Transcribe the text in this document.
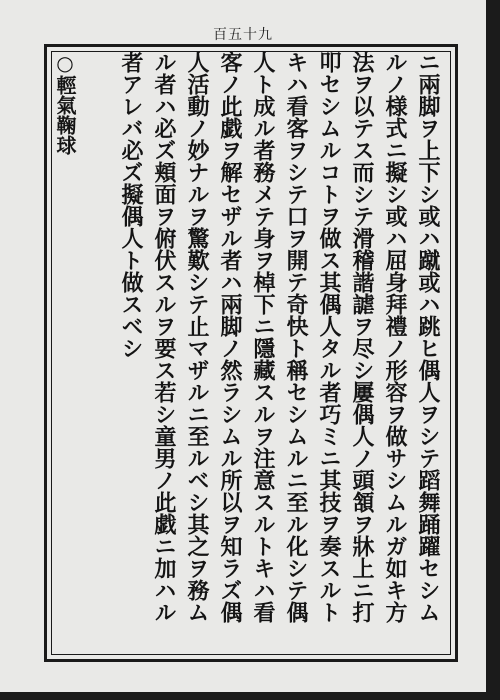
百五十九
ニ兩脚ヲ上下シ或ハ蹴或ハ跳ヒ偶人ヲシテ蹈舞踊躍セシム
ルノ様式ニ擬シ或ハ屈身拜禮ノ形容ヲ做サシムルガ如キ方
法ヲ以テス而シテ滑稽諧謔ヲ尽シ屢偶人ノ頭頷ヲ牀上ニ打
叩セシムルコトヲ做ス其偶人タル者巧ミニ其技ヲ奏スルト
キハ看客ヲシテ口ヲ開テ奇快ト稱セシムルニ至ル化シテ偶
人ト成ル者務メテ身ヲ棹下ニ隱藏スルヲ注意スルトキハ看
客ノ此戯ヲ解セザル者ハ兩脚ノ然ラシムル所以ヲ知ラズ偶
人活動ノ妙ナルヲ驚歎シテ止マザルニ至ルベシ其之ヲ務ム
ル者ハ必ズ頬面ヲ俯伏スルヲ要ス若シ童男ノ此戯ニ加ハル
者アレバ必ズ擬偶人ト做スベシ
○輕氣鞠球
